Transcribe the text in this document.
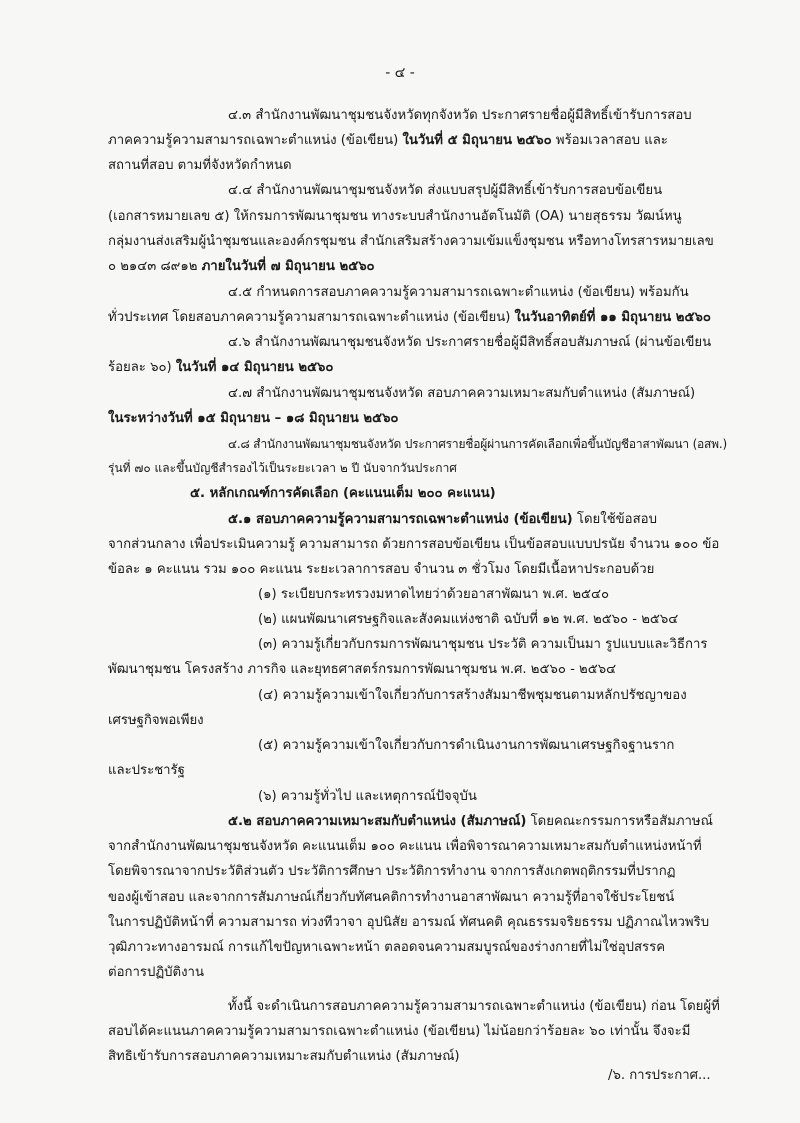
- ๔ -
๔.๓ สำนักงานพัฒนาชุมชนจังหวัดทุกจังหวัด ประกาศรายชื่อผู้มีสิทธิ์เข้ารับการสอบ
ภาคความรู้ความสามารถเฉพาะตำแหน่ง (ข้อเขียน) ในวันที่ ๕ มิถุนายน ๒๕๖๐ พร้อมเวลาสอบ และ
สถานที่สอบ ตามที่จังหวัดกำหนด
๔.๔ สำนักงานพัฒนาชุมชนจังหวัด ส่งแบบสรุปผู้มีสิทธิ์เข้ารับการสอบข้อเขียน
(เอกสารหมายเลข ๕) ให้กรมการพัฒนาชุมชน ทางระบบสำนักงานอัตโนมัติ (OA) นายสุธรรม วัฒน์หนู
กลุ่มงานส่งเสริมผู้นำชุมชนและองค์กรชุมชน สำนักเสริมสร้างความเข้มแข็งชุมชน หรือทางโทรสารหมายเลข
๐ ๒๑๔๓ ๘๙๑๒ ภายในวันที่ ๗ มิถุนายน ๒๕๖๐
๔.๕ กำหนดการสอบภาคความรู้ความสามารถเฉพาะตำแหน่ง (ข้อเขียน) พร้อมกัน
ทั่วประเทศ โดยสอบภาคความรู้ความสามารถเฉพาะตำแหน่ง (ข้อเขียน) ในวันอาทิตย์ที่ ๑๑ มิถุนายน ๒๕๖๐
๔.๖ สำนักงานพัฒนาชุมชนจังหวัด ประกาศรายชื่อผู้มีสิทธิ์สอบสัมภาษณ์ (ผ่านข้อเขียน
ร้อยละ ๖๐) ในวันที่ ๑๔ มิถุนายน ๒๕๖๐
๔.๗ สำนักงานพัฒนาชุมชนจังหวัด สอบภาคความเหมาะสมกับตำแหน่ง (สัมภาษณ์)
ในระหว่างวันที่ ๑๕ มิถุนายน – ๑๘ มิถุนายน ๒๕๖๐
๔.๘ สำนักงานพัฒนาชุมชนจังหวัด ประกาศรายชื่อผู้ผ่านการคัดเลือกเพื่อขึ้นบัญชีอาสาพัฒนา (อสพ.)
รุ่นที่ ๗๐ และขึ้นบัญชีสำรองไว้เป็นระยะเวลา ๒ ปี นับจากวันประกาศ
๕. หลักเกณฑ์การคัดเลือก (คะแนนเต็ม ๒๐๐ คะแนน)
๕.๑ สอบภาคความรู้ความสามารถเฉพาะตำแหน่ง (ข้อเขียน) โดยใช้ข้อสอบ
จากส่วนกลาง เพื่อประเมินความรู้ ความสามารถ ด้วยการสอบข้อเขียน เป็นข้อสอบแบบปรนัย จำนวน ๑๐๐ ข้อ
ข้อละ ๑ คะแนน รวม ๑๐๐ คะแนน ระยะเวลาการสอบ จำนวน ๓ ชั่วโมง โดยมีเนื้อหาประกอบด้วย
(๑) ระเบียบกระทรวงมหาดไทยว่าด้วยอาสาพัฒนา พ.ศ. ๒๕๔๐
(๒) แผนพัฒนาเศรษฐกิจและสังคมแห่งชาติ ฉบับที่ ๑๒ พ.ศ. ๒๕๖๐ - ๒๕๖๔
(๓) ความรู้เกี่ยวกับกรมการพัฒนาชุมชน ประวัติ ความเป็นมา รูปแบบและวิธีการ
พัฒนาชุมชน โครงสร้าง ภารกิจ และยุทธศาสตร์กรมการพัฒนาชุมชน พ.ศ. ๒๕๖๐ - ๒๕๖๔
(๔) ความรู้ความเข้าใจเกี่ยวกับการสร้างสัมมาชีพชุมชนตามหลักปรัชญาของ
เศรษฐกิจพอเพียง
(๕) ความรู้ความเข้าใจเกี่ยวกับการดำเนินงานการพัฒนาเศรษฐกิจฐานราก
และประชารัฐ
(๖) ความรู้ทั่วไป และเหตุการณ์ปัจจุบัน
๕.๒ สอบภาคความเหมาะสมกับตำแหน่ง (สัมภาษณ์) โดยคณะกรรมการหรือสัมภาษณ์
จากสำนักงานพัฒนาชุมชนจังหวัด คะแนนเต็ม ๑๐๐ คะแนน เพื่อพิจารณาความเหมาะสมกับตำแหน่งหน้าที่
โดยพิจารณาจากประวัติส่วนตัว ประวัติการศึกษา ประวัติการทำงาน จากการสังเกตพฤติกรรมที่ปรากฏ
ของผู้เข้าสอบ และจากการสัมภาษณ์เกี่ยวกับทัศนคติการทำงานอาสาพัฒนา ความรู้ที่อาจใช้ประโยชน์
ในการปฏิบัติหน้าที่ ความสามารถ ท่วงทีวาจา อุปนิสัย อารมณ์ ทัศนคติ คุณธรรมจริยธรรม ปฏิภาณไหวพริบ
วุฒิภาวะทางอารมณ์ การแก้ไขปัญหาเฉพาะหน้า ตลอดจนความสมบูรณ์ของร่างกายที่ไม่ใช่อุปสรรค
ต่อการปฏิบัติงาน
ทั้งนี้ จะดำเนินการสอบภาคความรู้ความสามารถเฉพาะตำแหน่ง (ข้อเขียน) ก่อน โดยผู้ที่
สอบได้คะแนนภาคความรู้ความสามารถเฉพาะตำแหน่ง (ข้อเขียน) ไม่น้อยกว่าร้อยละ ๖๐ เท่านั้น จึงจะมี
สิทธิเข้ารับการสอบภาคความเหมาะสมกับตำแหน่ง (สัมภาษณ์)
/๖. การประกาศ...
